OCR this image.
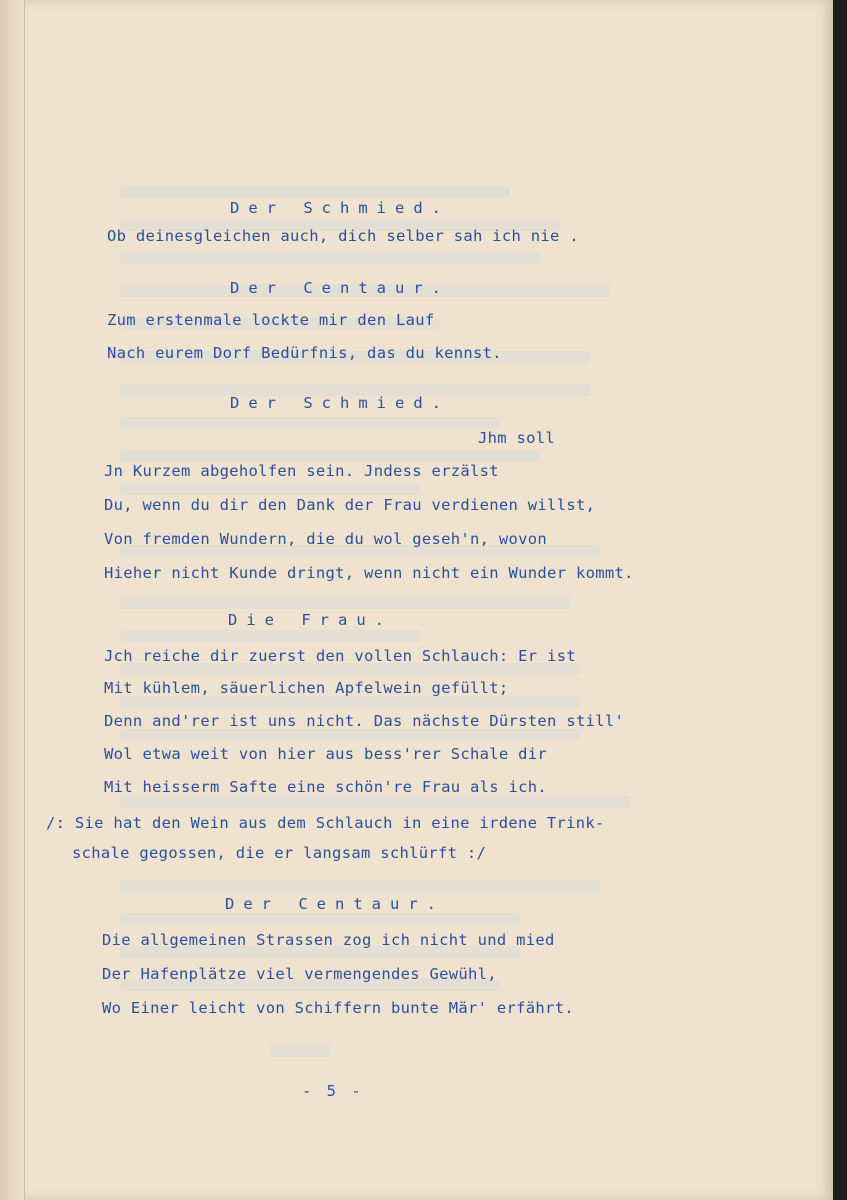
Der Schmied.
Ob deinesgleichen auch, dich selber sah ich nie .
Der Centaur.
Zum erstenmale lockte mir den Lauf
Nach eurem Dorf Bedürfnis, das du kennst.
Der Schmied.
Jhm soll
Jn Kurzem abgeholfen sein. Jndess erzälst
Du, wenn du dir den Dank der Frau verdienen willst,
Von fremden Wundern, die du wol geseh'n, wovon
Hieher nicht Kunde dringt, wenn nicht ein Wunder kommt.
Die Frau.
Jch reiche dir zuerst den vollen Schlauch: Er ist
Mit kühlem, säuerlichen Apfelwein gefüllt;
Denn and'rer ist uns nicht. Das nächste Dürsten still'
Wol etwa weit von hier aus bess'rer Schale dir
Mit heisserm Safte eine schön're Frau als ich.
/: Sie hat den Wein aus dem Schlauch in eine irdene Trink-
schale gegossen, die er langsam schlürft :/
Der Centaur.
Die allgemeinen Strassen zog ich nicht und mied
Der Hafenplätze viel vermengendes Gewühl,
Wo Einer leicht von Schiffern bunte Mär' erfährt.
- 5 -
